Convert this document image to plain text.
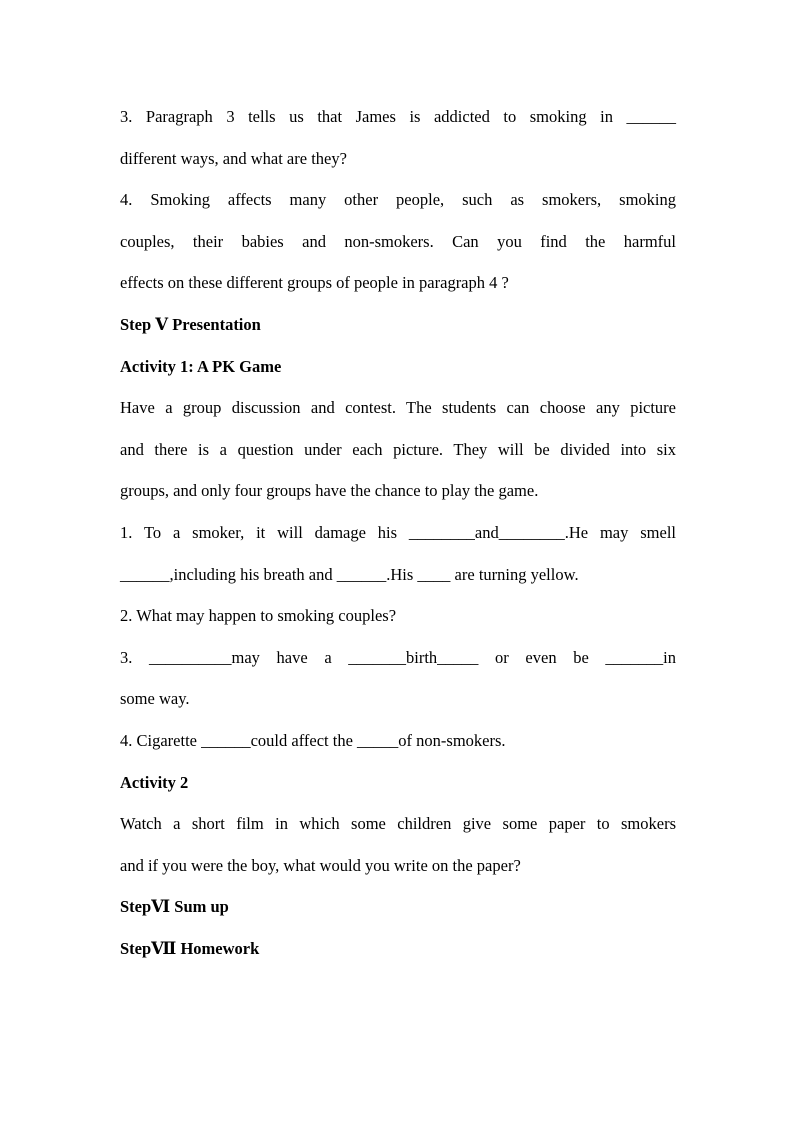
3. Paragraph 3 tells us that James is addicted to smoking in ______
different ways, and what are they?
4. Smoking affects many other people, such as smokers, smoking
couples, their babies and non-smokers. Can you find the harmful
effects on these different groups of people in paragraph 4 ?
Step Ⅴ Presentation
Activity 1: A PK Game
Have a group discussion and contest. The students can choose any picture
and there is a question under each picture. They will be divided into six
groups, and only four groups have the chance to play the game.
1. To a smoker, it will damage his ________and________.He may smell
______,including his breath and ______.His ____ are turning yellow.
2. What may happen to smoking couples?
3. __________may have a _______birth_____ or even be _______in
some way.
4. Cigarette ______could affect the _____of non-smokers.
Activity 2
Watch a short film in which some children give some paper to smokers
and if you were the boy, what would you write on the paper?
StepⅥ Sum up
StepⅦ Homework
